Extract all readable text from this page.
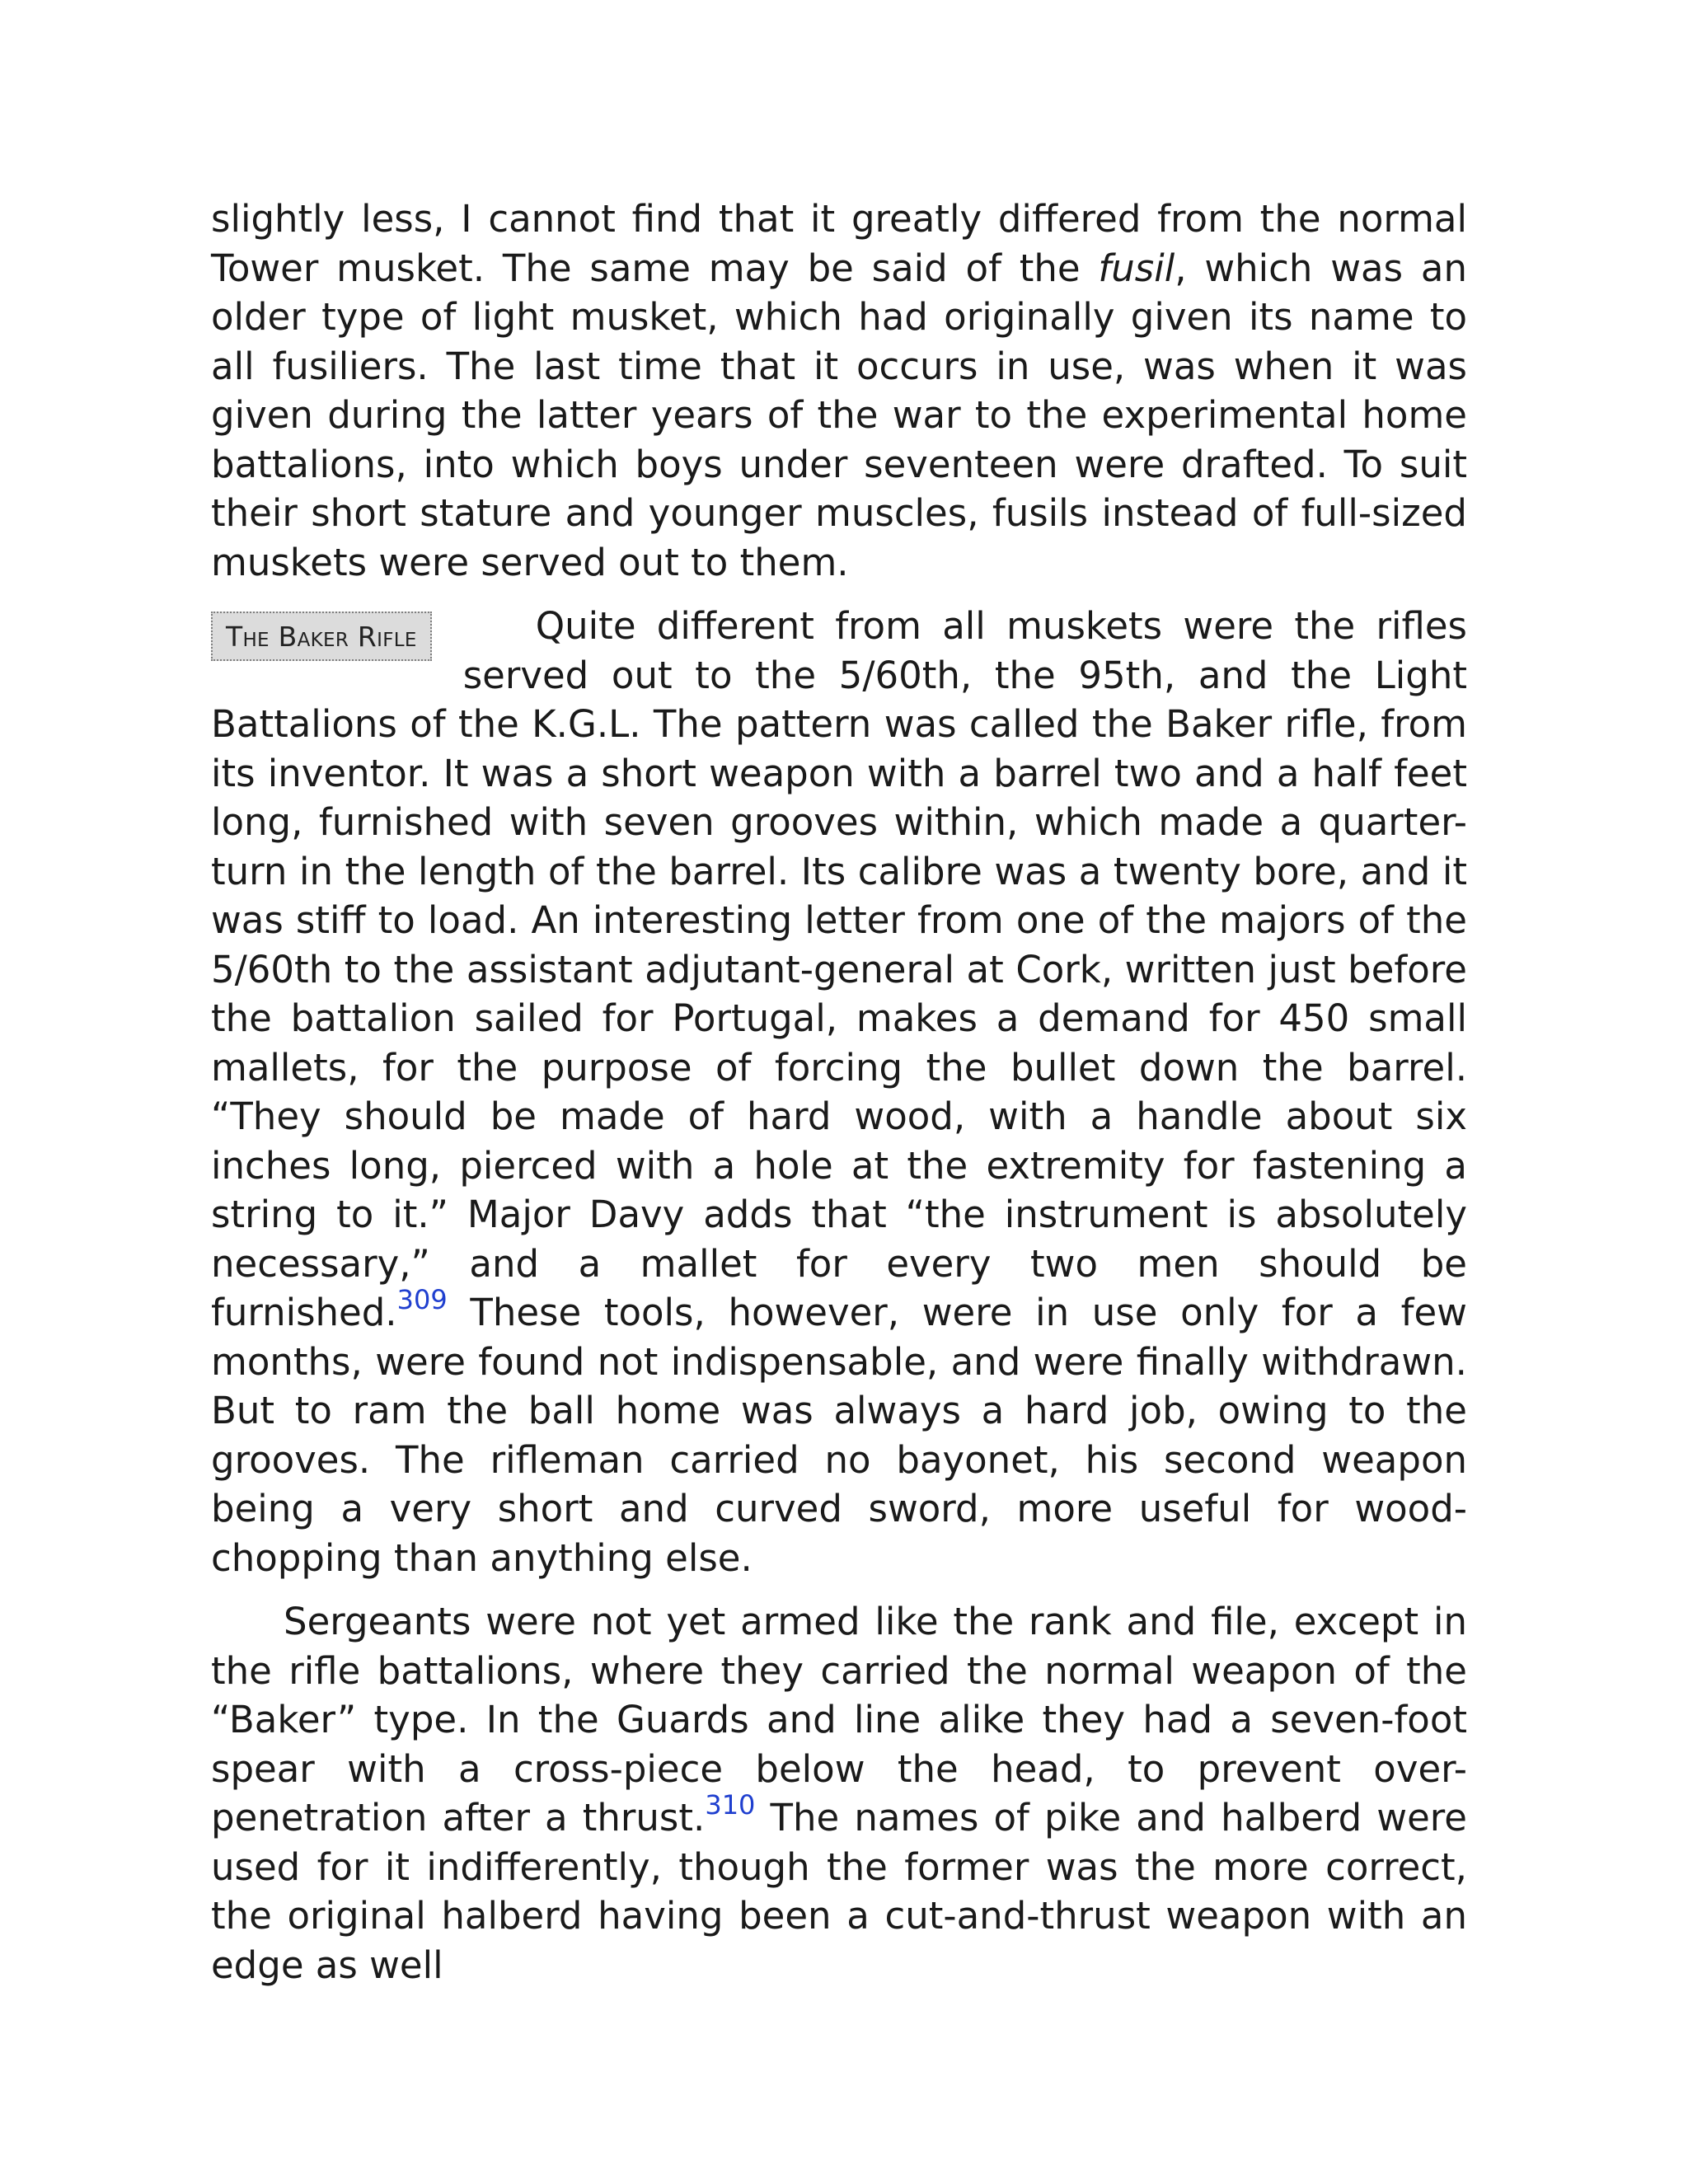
slightly less, I cannot find that it greatly differed from the normal Tower musket. The same may be said of the fusil, which was an older type of light musket, which had originally given its name to all fusiliers. The last time that it occurs in use, was when it was given during the latter years of the war to the experimental home battalions, into which boys under seventeen were drafted. To suit their short stature and younger muscles, fusils instead of full-sized muskets were served out to them.

The Baker Rifle	Quite different from all muskets were the rifles served out to the 5/60th, the 95th, and the Light Battalions of the K.G.L. The pattern was called the Baker rifle, from its inventor. It was a short weapon with a barrel two and a half feet long, furnished with seven grooves within, which made a quarter-turn in the length of the barrel. Its calibre was a twenty bore, and it was stiff to load. An interesting letter from one of the majors of the 5/60th to the assistant adjutant-general at Cork, written just before the battalion sailed for Portugal, makes a demand for 450 small mallets, for the purpose of forcing the bullet down the barrel. “They should be made of hard wood, with a handle about six inches long, pierced with a hole at the extremity for fastening a string to it.” Major Davy adds that “the instrument is absolutely necessary,” and a mallet for every two men should be furnished.$^{309}$ These tools, however, were in use only for a few months, were found not indispensable, and were finally withdrawn. But to ram the ball home was always a hard job, owing to the grooves. The rifleman carried no bayonet, his second weapon being a very short and curved sword, more useful for wood-chopping than anything else.

Sergeants were not yet armed like the rank and file, except in the rifle battalions, where they carried the normal weapon of the “Baker” type. In the Guards and line alike they had a seven-foot spear with a cross-piece below the head, to prevent over-penetration after a thrust.$^{310}$ The names of pike and halberd were used for it indifferently, though the former was the more correct, the original halberd having been a cut-and-thrust weapon with an edge as well
